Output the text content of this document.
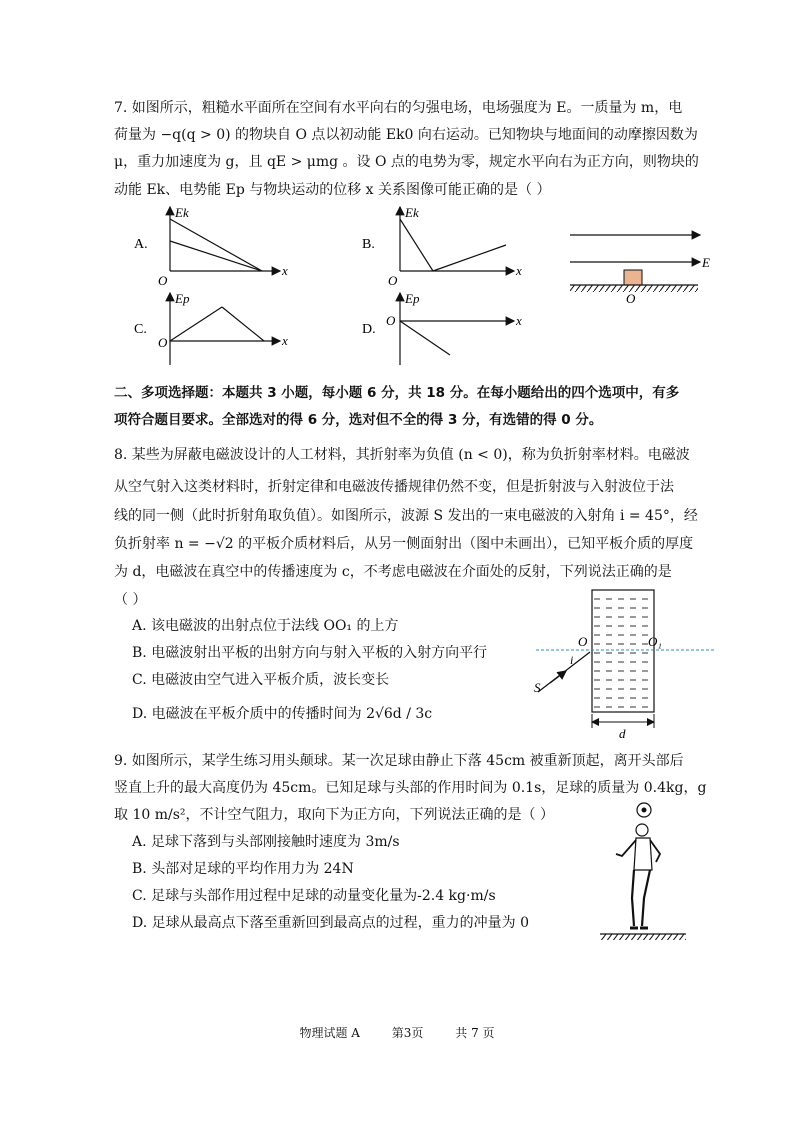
7. 如图所示，粗糙水平面所在空间有水平向右的匀强电场，电场强度为 E。一质量为 m，电
荷量为 −q(q > 0) 的物块自 O 点以初动能 Ek0 向右运动。已知物块与地面间的动摩擦因数为
μ，重力加速度为 g，且 qE > μmg 。设 O 点的电势为零，规定水平向右为正方向，则物块的
动能 Ek、电势能 Ep 与物块运动的位移 x 关系图像可能正确的是（ ）
A.
Ek
O
x
B.
Ek
O
x
C.
Ep
O	x
D.
Ep
O	x
E
O
二、多项选择题：本题共 3 小题，每小题 6 分，共 18 分。在每小题给出的四个选项中，有多
项符合题目要求。全部选对的得 6 分，选对但不全的得 3 分，有选错的得 0 分。
8. 某些为屏蔽电磁波设计的人工材料，其折射率为负值 (n < 0)，称为负折射率材料。电磁波
从空气射入这类材料时，折射定律和电磁波传播规律仍然不变，但是折射波与入射波位于法
线的同一侧（此时折射角取负值）。如图所示，波源 S 发出的一束电磁波的入射角 i = 45°，经
负折射率 n = −√2 的平板介质材料后，从另一侧面射出（图中未画出），已知平板介质的厚度
为 d，电磁波在真空中的传播速度为 c，不考虑电磁波在介面处的反射，下列说法正确的是
（ ）
A. 该电磁波的出射点位于法线 OO₁ 的上方
B. 电磁波射出平板的出射方向与射入平板的入射方向平行
C. 电磁波由空气进入平板介质，波长变长
D. 电磁波在平板介质中的传播时间为 2√6d / 3c
O	O₁
i
S
d
9. 如图所示，某学生练习用头颠球。某一次足球由静止下落 45cm 被重新顶起，离开头部后
竖直上升的最大高度仍为 45cm。已知足球与头部的作用时间为 0.1s，足球的质量为 0.4kg，g
取 10 m/s²，不计空气阻力，取向下为正方向，下列说法正确的是（ ）
A. 足球下落到与头部刚接触时速度为 3m/s
B. 头部对足球的平均作用力为 24N
C. 足球与头部作用过程中足球的动量变化量为-2.4 kg·m/s
D. 足球从最高点下落至重新回到最高点的过程，重力的冲量为 0
物理试题 A	第3页	共 7 页
